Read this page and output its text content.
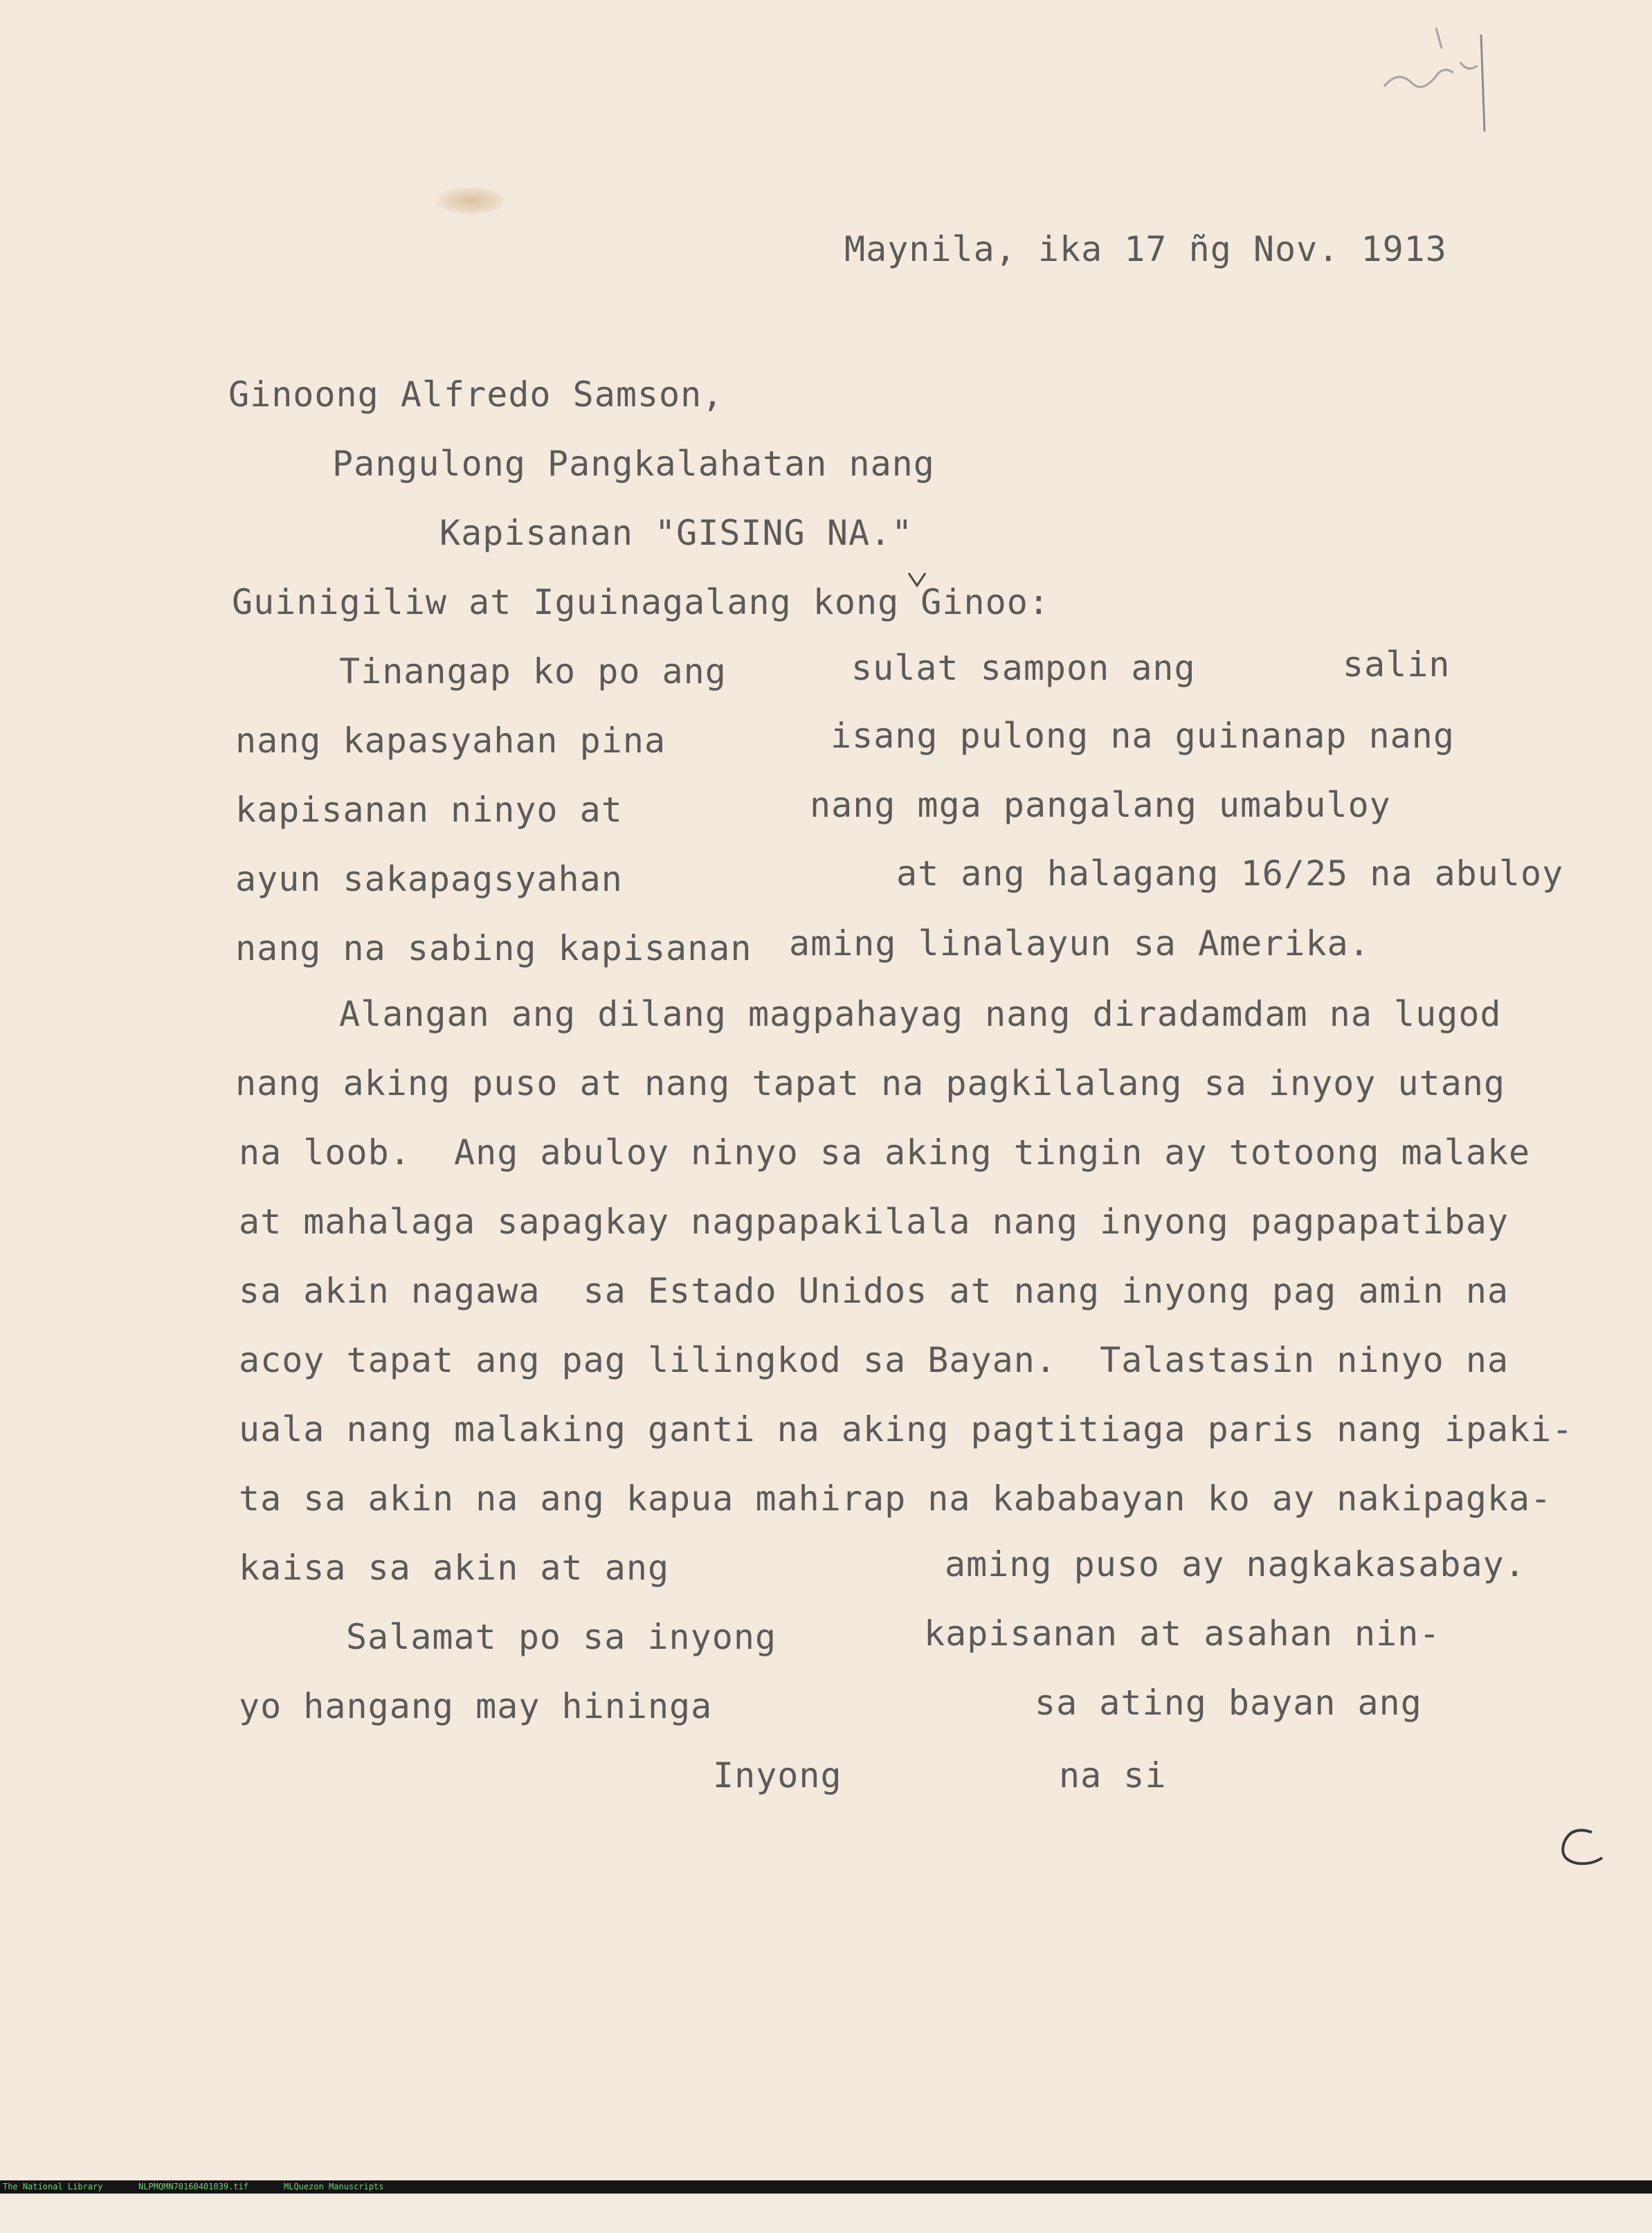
Maynila, ika 17 ñg Nov. 1913
Ginoong Alfredo Samson,
Pangulong Pangkalahatan nang
Kapisanan "GISING NA."
Guinigiliw at Iguinagalang kong Ginoo:
Tinangap ko po ang	sulat sampon ang	salin
nang kapasyahan pina	isang pulong na guinanap nang
kapisanan ninyo at	nang mga pangalang umabuloy
ayun sakapagsyahan	at ang halagang 16/25 na abuloy
nang na sabing kapisanan aming linalayun sa Amerika.
Alangan ang dilang magpahayag nang diradamdam na lugod
nang aking puso at nang tapat na pagkilalang sa inyoy utang
na loob.  Ang abuloy ninyo sa aking tingin ay totoong malake
at mahalaga sapagkay nagpapakilala nang inyong pagpapatibay
sa akin nagawa  sa Estado Unidos at nang inyong pag amin na
acoy tapat ang pag lilingkod sa Bayan.  Talastasin ninyo na
uala nang malaking ganti na aking pagtitiaga paris nang ipaki-
ta sa akin na ang kapua mahirap na kababayan ko ay nakipagka-
kaisa sa akin at ang	aming puso ay nagkakasabay.
Salamat po sa inyong	kapisanan at asahan nin-
yo hangang may hininga	sa ating bayan ang
Inyong	na si

The National Library

	NLPMQMN70160401039.tif

	MLQuezon Manuscripts
